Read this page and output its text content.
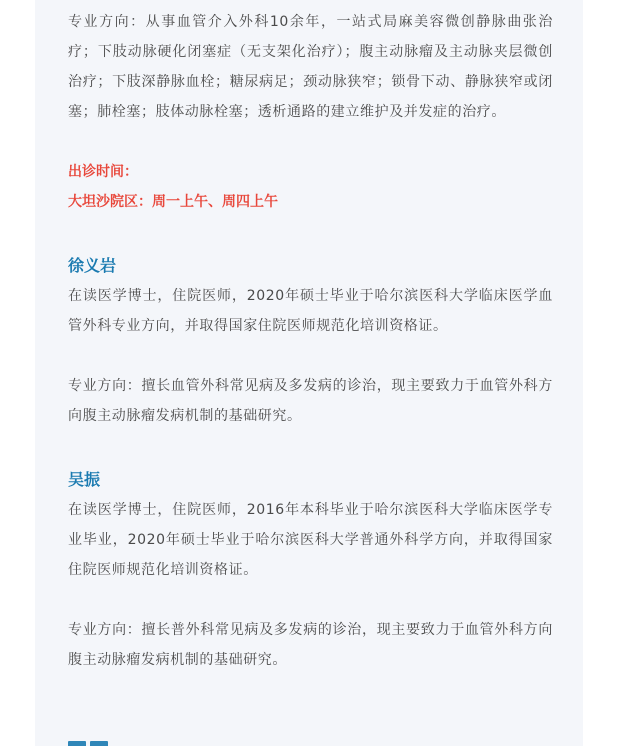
专业方向：从事血管介入外科10余年，一站式局麻美容微创静脉曲张治疗；下肢动脉硬化闭塞症（无支架化治疗）；腹主动脉瘤及主动脉夹层微创治疗；下肢深静脉血栓；糖尿病足；颈动脉狭窄；锁骨下动、静脉狭窄或闭塞；肺栓塞；肢体动脉栓塞；透析通路的建立维护及并发症的治疗。

出诊时间：

大坦沙院区：周一上午、周四上午

徐义岩

在读医学博士，住院医师，2020年硕士毕业于哈尔滨医科大学临床医学血管外科专业方向，并取得国家住院医师规范化培训资格证。

专业方向：擅长血管外科常见病及多发病的诊治，现主要致力于血管外科方向腹主动脉瘤发病机制的基础研究。

吴振

在读医学博士，住院医师，2016年本科毕业于哈尔滨医科大学临床医学专业毕业，2020年硕士毕业于哈尔滨医科大学普通外科学方向，并取得国家住院医师规范化培训资格证。

专业方向：擅长普外科常见病及多发病的诊治，现主要致力于血管外科方向腹主动脉瘤发病机制的基础研究。
